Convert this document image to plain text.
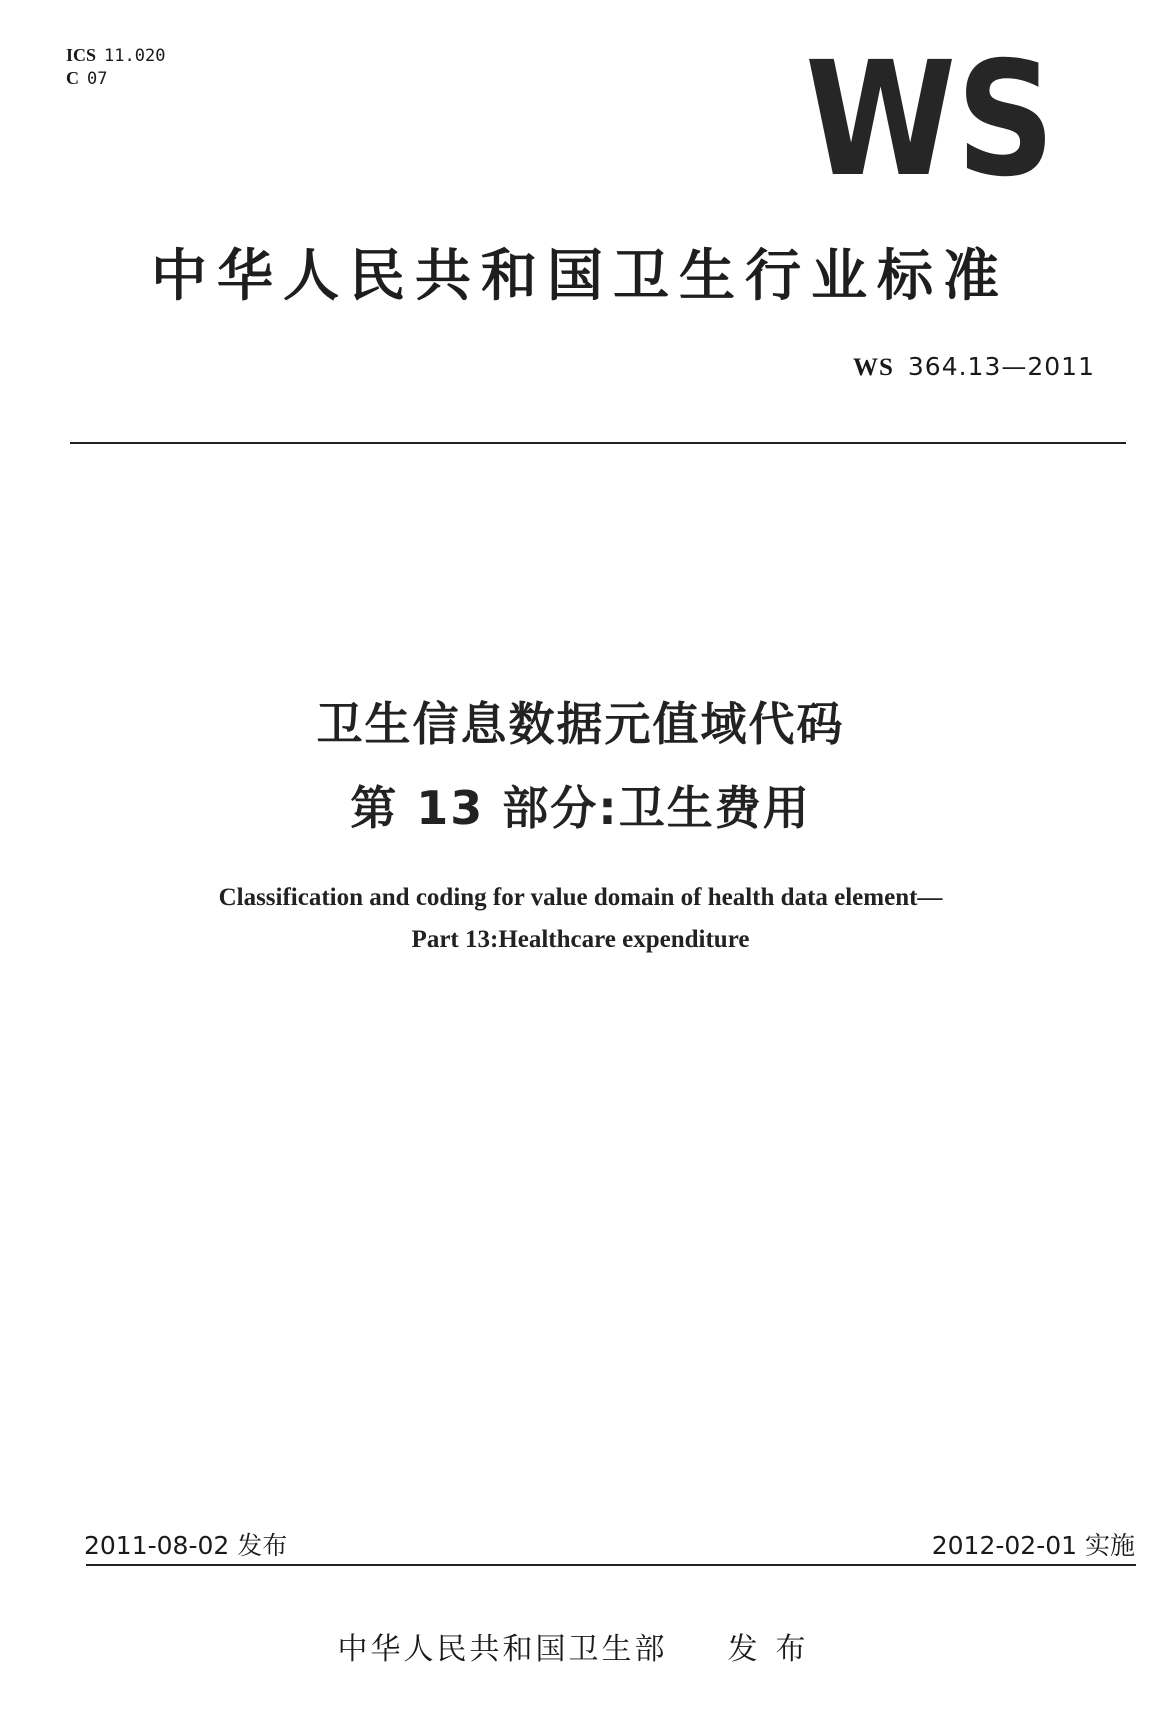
ICS 11.020
C 07	WS
中华人民共和国卫生行业标准
WS 364.13—2011
卫生信息数据元值域代码
第 13 部分:卫生费用
Classification and coding for value domain of health data element—
Part 13:Healthcare expenditure
2011-08-02 发布	2012-02-01 实施
中华人民共和国卫生部 发布
